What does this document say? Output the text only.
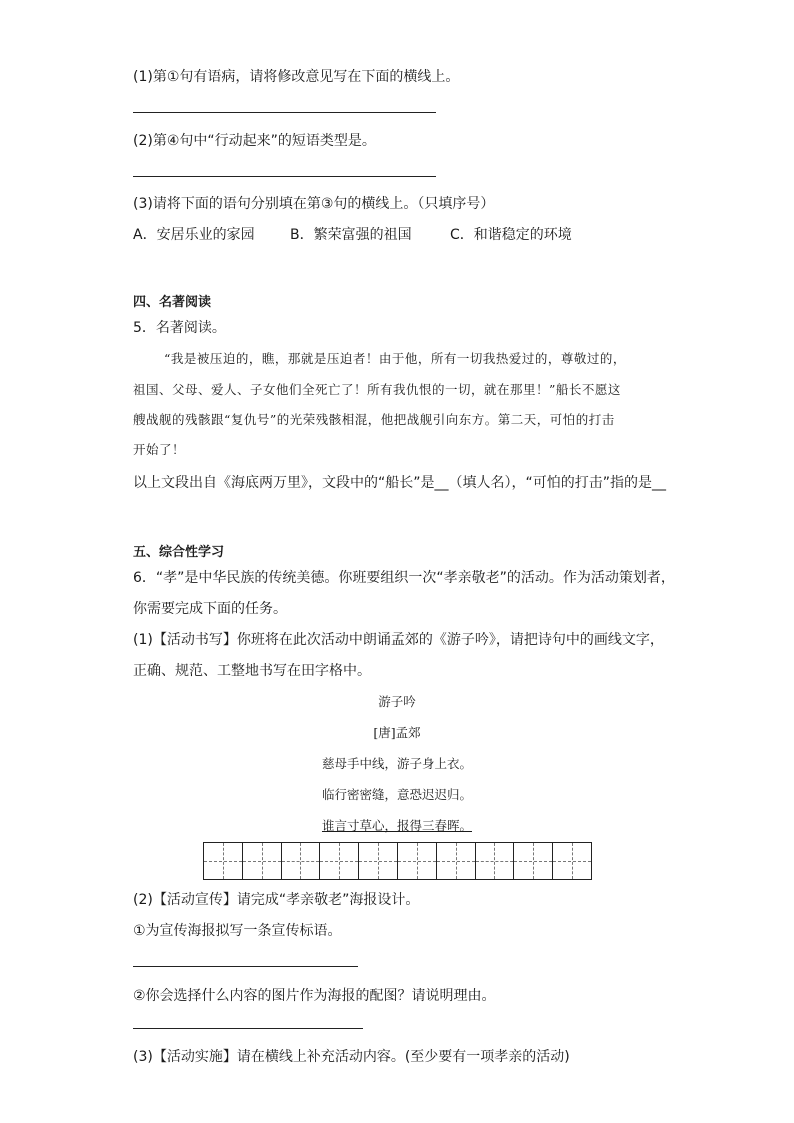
(1)第①句有语病，请将修改意见写在下面的横线上。
(2)第④句中“行动起来”的短语类型是。
(3)请将下面的语句分别填在第③句的横线上。（只填序号）
A．安居乐业的家园	B．繁荣富强的祖国	C．和谐稳定的环境
四、名著阅读
5．名著阅读。
“我是被压迫的，瞧，那就是压迫者！由于他，所有一切我热爱过的，尊敬过的，
祖国、父母、爱人、子女他们全死亡了！所有我仇恨的一切，就在那里！”船长不愿这
艘战舰的残骸跟“复仇号”的光荣残骸相混，他把战舰引向东方。第二天，可怕的打击
开始了！
以上文段出自《海底两万里》，文段中的“船长”是__（填人名），“可怕的打击”指的是__
五、综合性学习
6．“孝”是中华民族的传统美德。你班要组织一次“孝亲敬老”的活动。作为活动策划者，
你需要完成下面的任务。
(1)【活动书写】你班将在此次活动中朗诵孟郊的《游子吟》，请把诗句中的画线文字，
正确、规范、工整地书写在田字格中。
游子吟
[唐]孟郊
慈母手中线，游子身上衣。
临行密密缝，意恐迟迟归。
谁言寸草心，报得三春晖。
(2)【活动宣传】请完成“孝亲敬老”海报设计。
①为宣传海报拟写一条宣传标语。
②你会选择什么内容的图片作为海报的配图？请说明理由。
(3)【活动实施】请在横线上补充活动内容。(至少要有一项孝亲的活动)
